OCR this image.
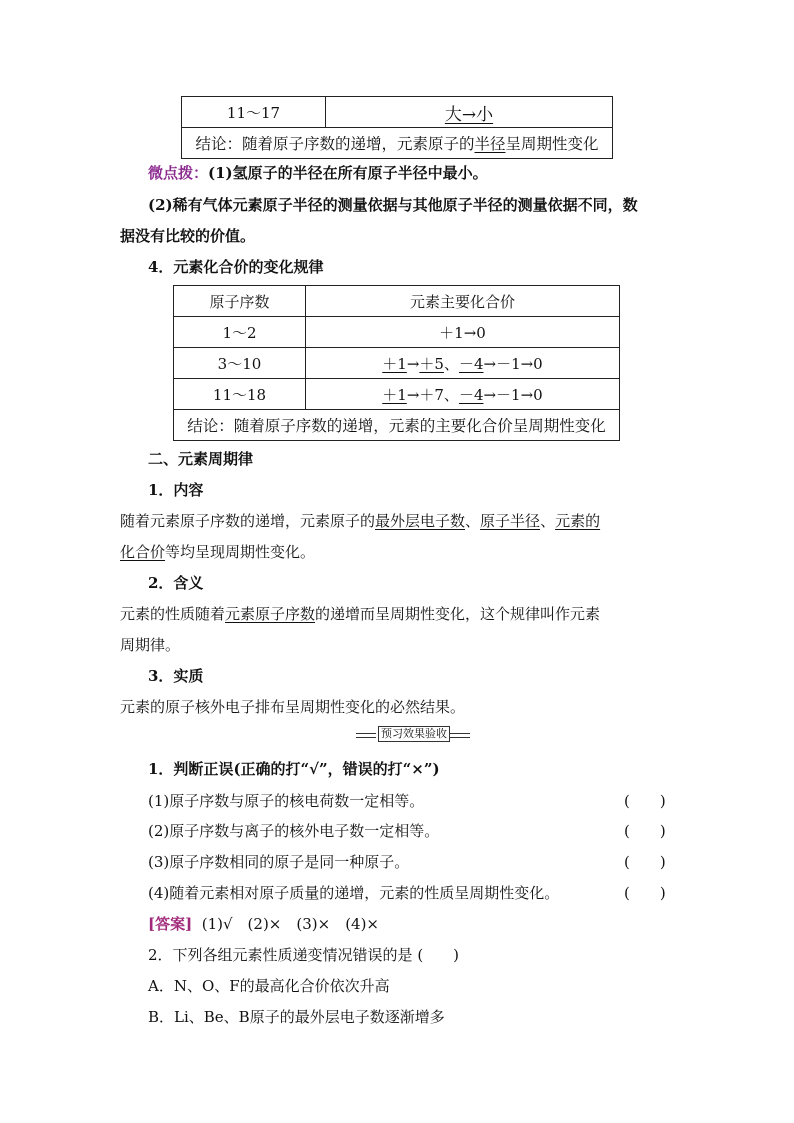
11～17	大→小
结论：随着原子序数的递增，元素原子的半径呈周期性变化
微点拨：(1)氢原子的半径在所有原子半径中最小。
(2)稀有气体元素原子半径的测量依据与其他原子半径的测量依据不同，数
据没有比较的价值。
4．元素化合价的变化规律
原子序数	元素主要化合价
1～2	＋1→0
3～10	＋1→＋5、－4→－1→0
11～18	＋1→＋7、－4→－1→0
结论：随着原子序数的递增，元素的主要化合价呈周期性变化	
二、元素周期律
1．内容
随着元素原子序数的递增，元素原子的最外层电子数、原子半径、元素的
化合价等均呈现周期性变化。
2．含义
元素的性质随着元素原子序数的递增而呈周期性变化，这个规律叫作元素
周期律。
3．实质
元素的原子核外电子排布呈周期性变化的必然结果。
预习效果验收
1．判断正误(正确的打“√”，错误的打“×”)
(1)原子序数与原子的核电荷数一定相等。	(　　)
(2)原子序数与离子的核外电子数一定相等。	(　　)
(3)原子序数相同的原子是同一种原子。	(　　)
(4)随着元素相对原子质量的递增，元素的性质呈周期性变化。	(　　)
[答案] (1)√　(2)×　(3)×　(4)×
2．下列各组元素性质递变情况错误的是 (　　)
A．N、O、F的最高化合价依次升高
B．Li、Be、B原子的最外层电子数逐渐增多
